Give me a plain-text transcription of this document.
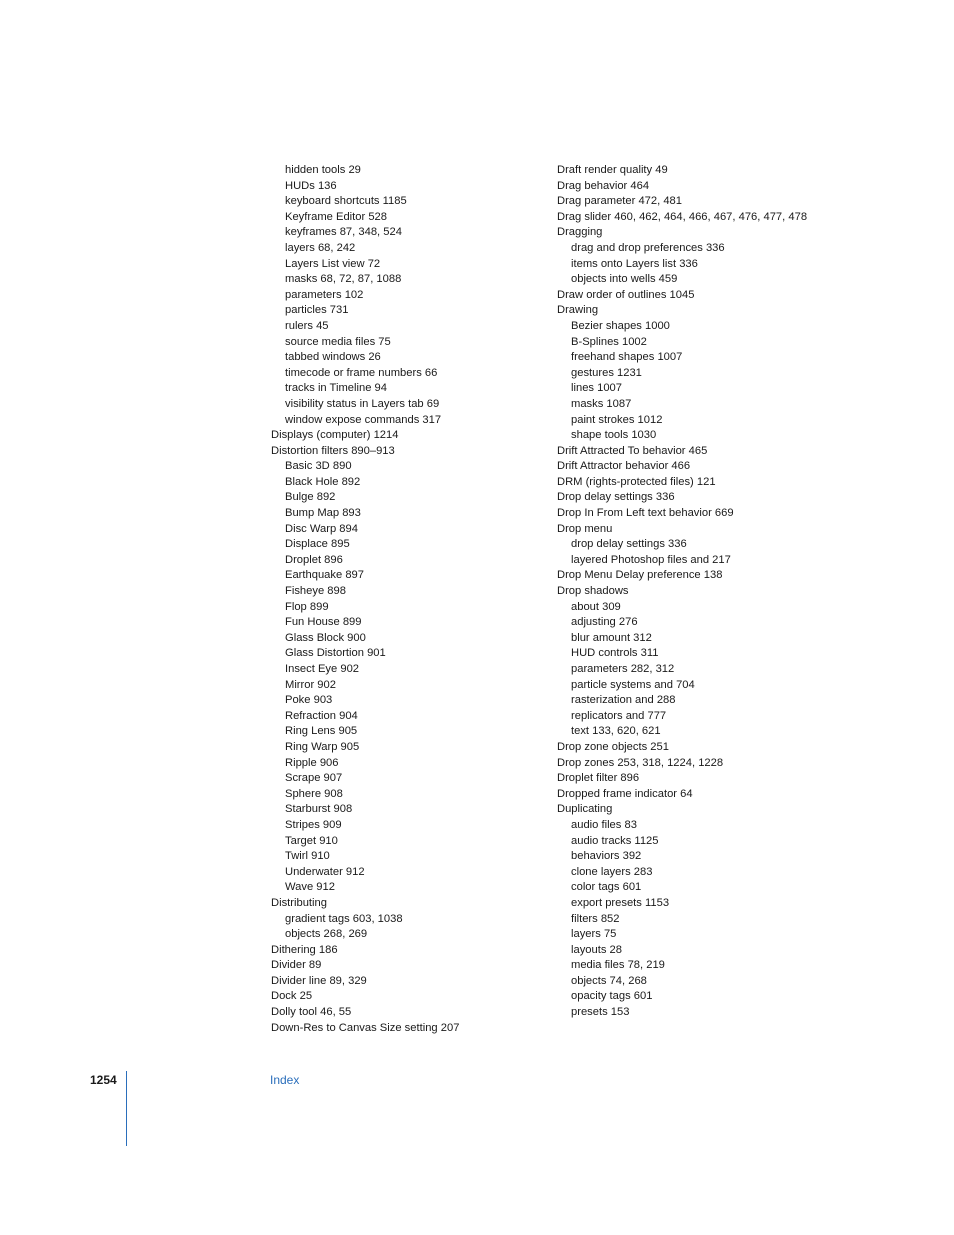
hidden tools 29
HUDs 136
keyboard shortcuts 1185
Keyframe Editor 528
keyframes 87, 348, 524
layers 68, 242
Layers List view 72
masks 68, 72, 87, 1088
parameters 102
particles 731
rulers 45
source media files 75
tabbed windows 26
timecode or frame numbers 66
tracks in Timeline 94
visibility status in Layers tab 69
window expose commands 317
Displays (computer) 1214
Distortion filters 890–913
Basic 3D 890
Black Hole 892
Bulge 892
Bump Map 893
Disc Warp 894
Displace 895
Droplet 896
Earthquake 897
Fisheye 898
Flop 899
Fun House 899
Glass Block 900
Glass Distortion 901
Insect Eye 902
Mirror 902
Poke 903
Refraction 904
Ring Lens 905
Ring Warp 905
Ripple 906
Scrape 907
Sphere 908
Starburst 908
Stripes 909
Target 910
Twirl 910
Underwater 912
Wave 912
Distributing
gradient tags 603, 1038
objects 268, 269
Dithering 186
Divider 89
Divider line 89, 329
Dock 25
Dolly tool 46, 55
Down-Res to Canvas Size setting 207
Draft render quality 49
Drag behavior 464
Drag parameter 472, 481
Drag slider 460, 462, 464, 466, 467, 476, 477, 478
Dragging
drag and drop preferences 336
items onto Layers list 336
objects into wells 459
Draw order of outlines 1045
Drawing
Bezier shapes 1000
B-Splines 1002
freehand shapes 1007
gestures 1231
lines 1007
masks 1087
paint strokes 1012
shape tools 1030
Drift Attracted To behavior 465
Drift Attractor behavior 466
DRM (rights-protected files) 121
Drop delay settings 336
Drop In From Left text behavior 669
Drop menu
drop delay settings 336
layered Photoshop files and 217
Drop Menu Delay preference 138
Drop shadows
about 309
adjusting 276
blur amount 312
HUD controls 311
parameters 282, 312
particle systems and 704
rasterization and 288
replicators and 777
text 133, 620, 621
Drop zone objects 251
Drop zones 253, 318, 1224, 1228
Droplet filter 896
Dropped frame indicator 64
Duplicating
audio files 83
audio tracks 1125
behaviors 392
clone layers 283
color tags 601
export presets 1153
filters 852
layers 75
layouts 28
media files 78, 219
objects 74, 268
opacity tags 601
presets 153
1254	Index
